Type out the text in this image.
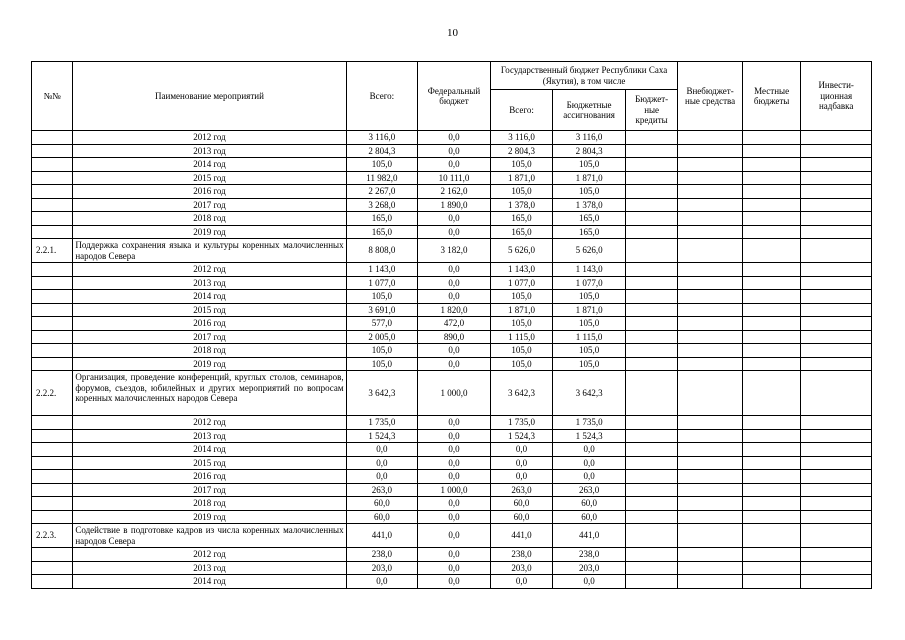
10
№№	Паименование мероприятий	Всего:	Федеральный бюджет	Государственный бюджет Республики Саха (Якутия), в том числе			Внебюджет-ные средства	Местные бюджеты	Инвести-ционная надбавка
				Всего:	Бюджетные ассигнования	Бюджет-ные кредиты			
	2012 год	3 116,0	0,0	3 116,0	3 116,0				
	2013 год	2 804,3	0,0	2 804,3	2 804,3				
	2014 год	105,0	0,0	105,0	105,0				
	2015 год	11 982,0	10 111,0	1 871,0	1 871,0				
	2016 год	2 267,0	2 162,0	105,0	105,0				
	2017 год	3 268,0	1 890,0	1 378,0	1 378,0				
	2018 год	165,0	0,0	165,0	165,0				
	2019 год	165,0	0,0	165,0	165,0				
2.2.1.	Поддержка сохранения языка и культуры коренных малочисленных народов Севера	8 808,0	3 182,0	5 626,0	5 626,0				
	2012 год	1 143,0	0,0	1 143,0	1 143,0				
	2013 год	1 077,0	0,0	1 077,0	1 077,0				
	2014 год	105,0	0,0	105,0	105,0				
	2015 год	3 691,0	1 820,0	1 871,0	1 871,0				
	2016 год	577,0	472,0	105,0	105,0				
	2017 год	2 005,0	890,0	1 115,0	1 115,0				
	2018 год	105,0	0,0	105,0	105,0				
	2019 год	105,0	0,0	105,0	105,0				
2.2.2.	Организация, проведение конференций, круглых столов, семинаров, форумов, съездов, юбилейных и других мероприятий по вопросам коренных малочисленных народов Севера	3 642,3	1 000,0	3 642,3	3 642,3				
	2012 год	1 735,0	0,0	1 735,0	1 735,0				
	2013 год	1 524,3	0,0	1 524,3	1 524,3				
	2014 год	0,0	0,0	0,0	0,0				
	2015 год	0,0	0,0	0,0	0,0				
	2016 год	0,0	0,0	0,0	0,0				
	2017 год	263,0	1 000,0	263,0	263,0				
	2018 год	60,0	0,0	60,0	60,0				
	2019 год	60,0	0,0	60,0	60,0				
2.2.3.	Содействие в подготовке кадров из числа коренных малочисленных народов Севера	441,0	0,0	441,0	441,0				
	2012 год	238,0	0,0	238,0	238,0				
	2013 год	203,0	0,0	203,0	203,0				
	2014 год	0,0	0,0	0,0	0,0				
